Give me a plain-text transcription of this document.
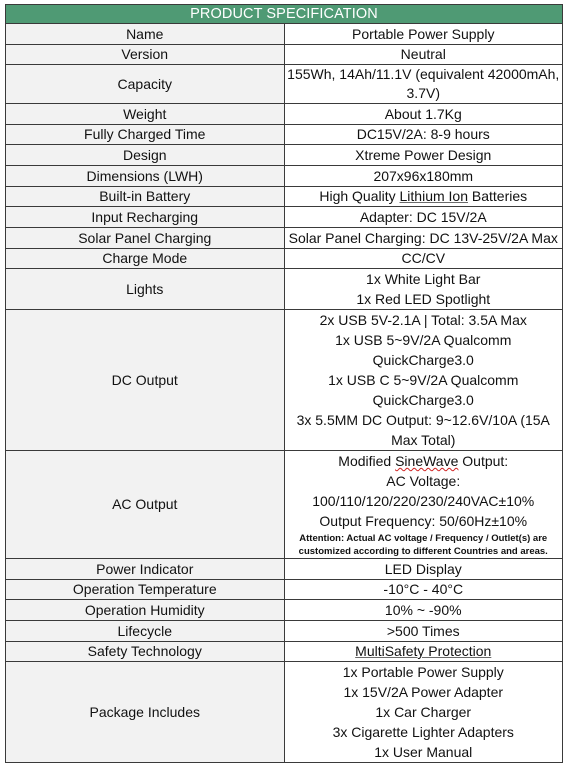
PRODUCT SPECIFICATION	
Name	Portable Power Supply
Version	Neutral
Capacity	155Wh, 14Ah/11.1V (equivalent 42000mAh, 3.7V)
Weight	About 1.7Kg
Fully Charged Time	DC15V/2A: 8-9 hours
Design	Xtreme Power Design
Dimensions (LWH)	207x96x180mm
Built-in Battery	High Quality Lithium Ion Batteries
Input Recharging	Adapter: DC 15V/2A
Solar Panel Charging	Solar Panel Charging: DC 13V-25V/2A Max
Charge Mode	CC/CV
Lights	1x White Light Bar
1x Red LED Spotlight

DC Output	2x USB 5V-2.1A | Total: 3.5A Max
1x USB 5~9V/2A Qualcomm QuickCharge3.0
1x USB C 5~9V/2A Qualcomm QuickCharge3.0
3x 5.5MM DC Output: 9~12.6V/10A (15A Max Total)

AC Output	Modified SineWave Output:
AC Voltage: 100/110/120/220/230/240VAC±10%
Output Frequency: 50/60Hz±10%
Attention: Actual AC voltage / Frequency / Outlet(s) are customized according to different Countries and areas.

Power Indicator	LED Display
Operation Temperature	-10°C - 40°C
Operation Humidity	10% ~ -90%
Lifecycle	>500 Times
Safety Technology	MultiSafety Protection
Package Includes	1x Portable Power Supply
1x 15V/2A Power Adapter
1x Car Charger
3x Cigarette Lighter Adapters
1x User Manual
